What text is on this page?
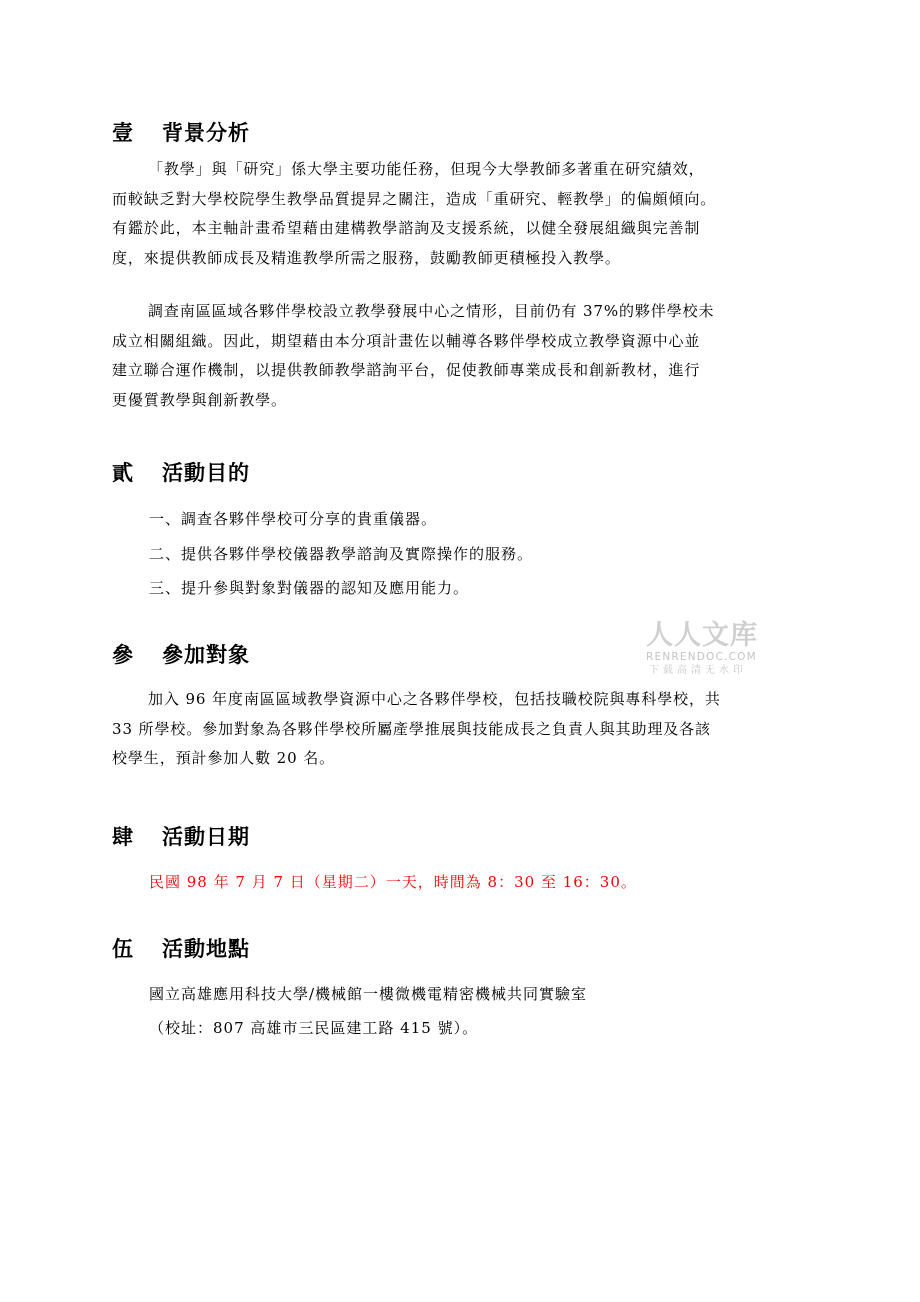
壹 背景分析

「教學」與「研究」係大學主要功能任務，但現今大學教師多著重在研究績效，
而較缺乏對大學校院學生教學品質提昇之關注，造成「重研究、輕教學」的偏頗傾向。
有鑑於此，本主軸計畫希望藉由建構教學諮詢及支援系統，以健全發展組織與完善制
度，來提供教師成長及精進教學所需之服務，鼓勵教師更積極投入教學。

調查南區區域各夥伴學校設立教學發展中心之情形，目前仍有 37%的夥伴學校未
成立相關組織。因此，期望藉由本分項計畫佐以輔導各夥伴學校成立教學資源中心並
建立聯合運作機制，以提供教師教學諮詢平台，促使教師專業成長和創新教材，進行
更優質教學與創新教學。

貳 活動目的
一、調查各夥伴學校可分享的貴重儀器。
二、提供各夥伴學校儀器教學諮詢及實際操作的服務。
三、提升參與對象對儀器的認知及應用能力。
參 參加對象
人人文库
RENRENDOC.COM
下载高清无水印

加入 96 年度南區區域教學資源中心之各夥伴學校，包括技職校院與專科學校，共
33 所學校。參加對象為各夥伴學校所屬產學推展與技能成長之負責人與其助理及各該
校學生，預計參加人數 20 名。

肆 活動日期
民國 98 年 7 月 7 日（星期二）一天，時間為 8：30 至 16：30。
伍 活動地點

國立高雄應用科技大學/機械館一樓微機電精密機械共同實驗室

（校址：807 高雄市三民區建工路 415 號）。
